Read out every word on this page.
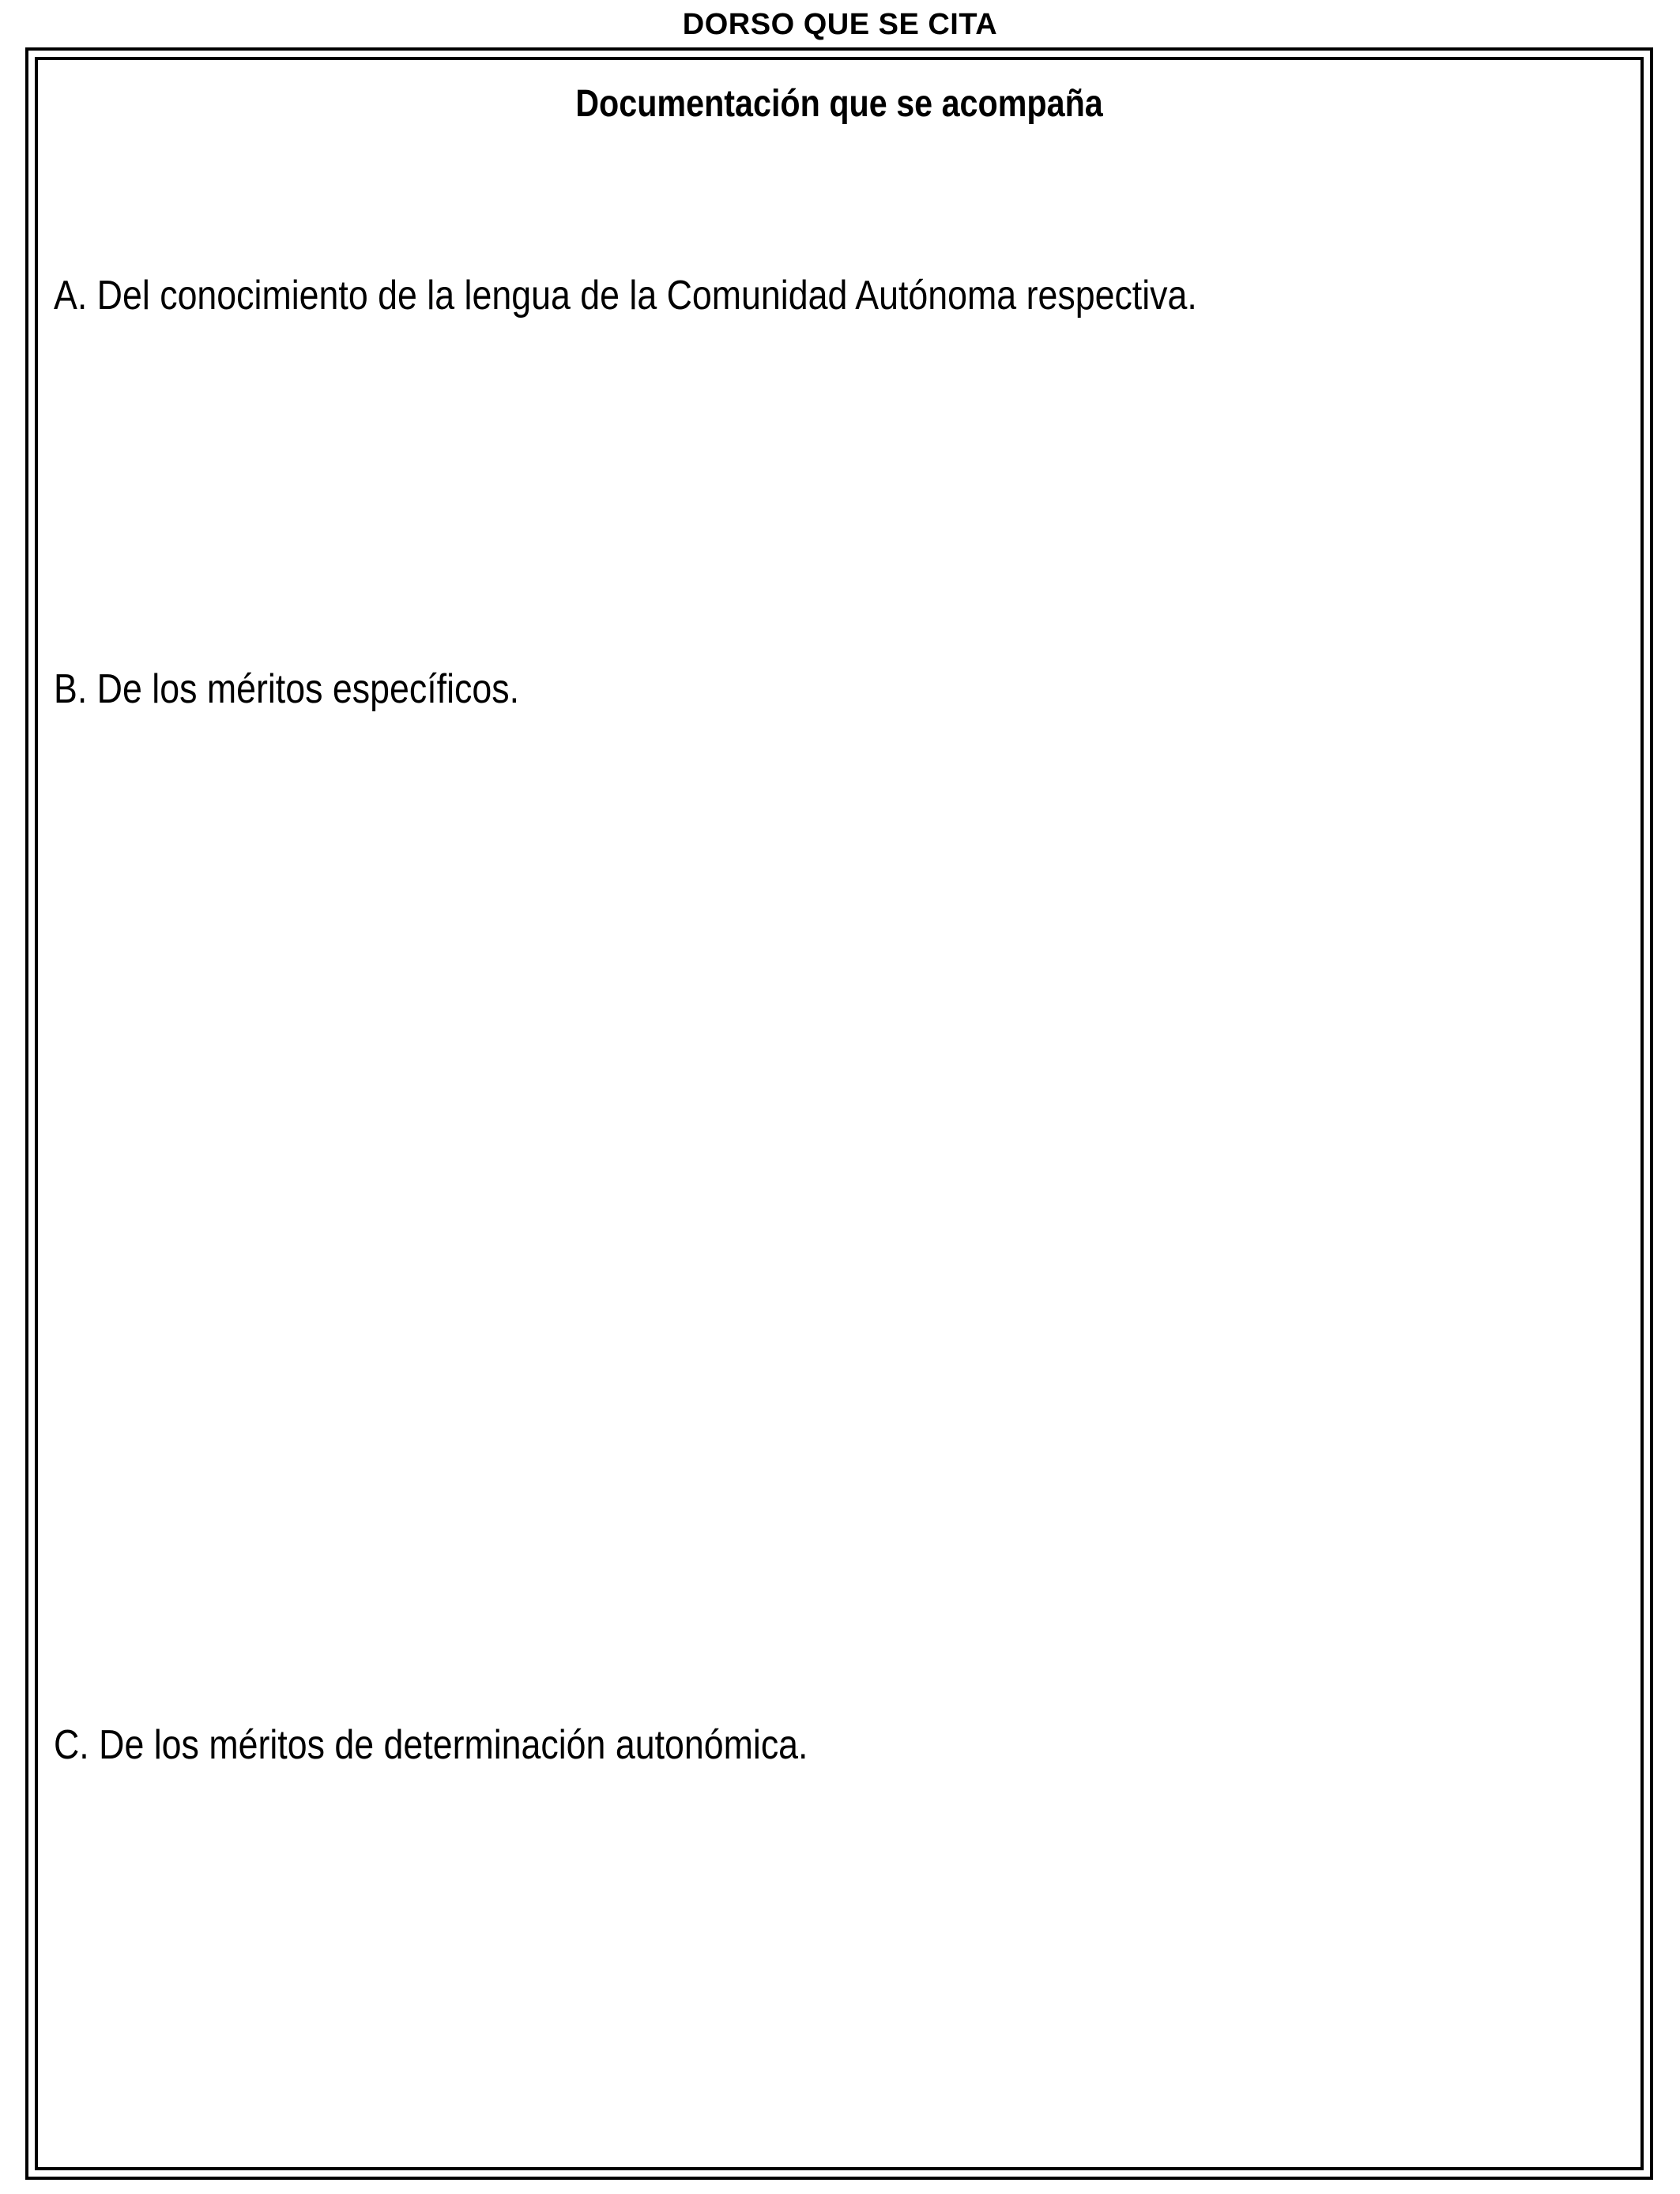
DORSO QUE SE CITA
Documentación que se acompaña
A. Del conocimiento de la lengua de la Comunidad Autónoma respectiva.
B. De los méritos específicos.
C. De los méritos de determinación autonómica.
